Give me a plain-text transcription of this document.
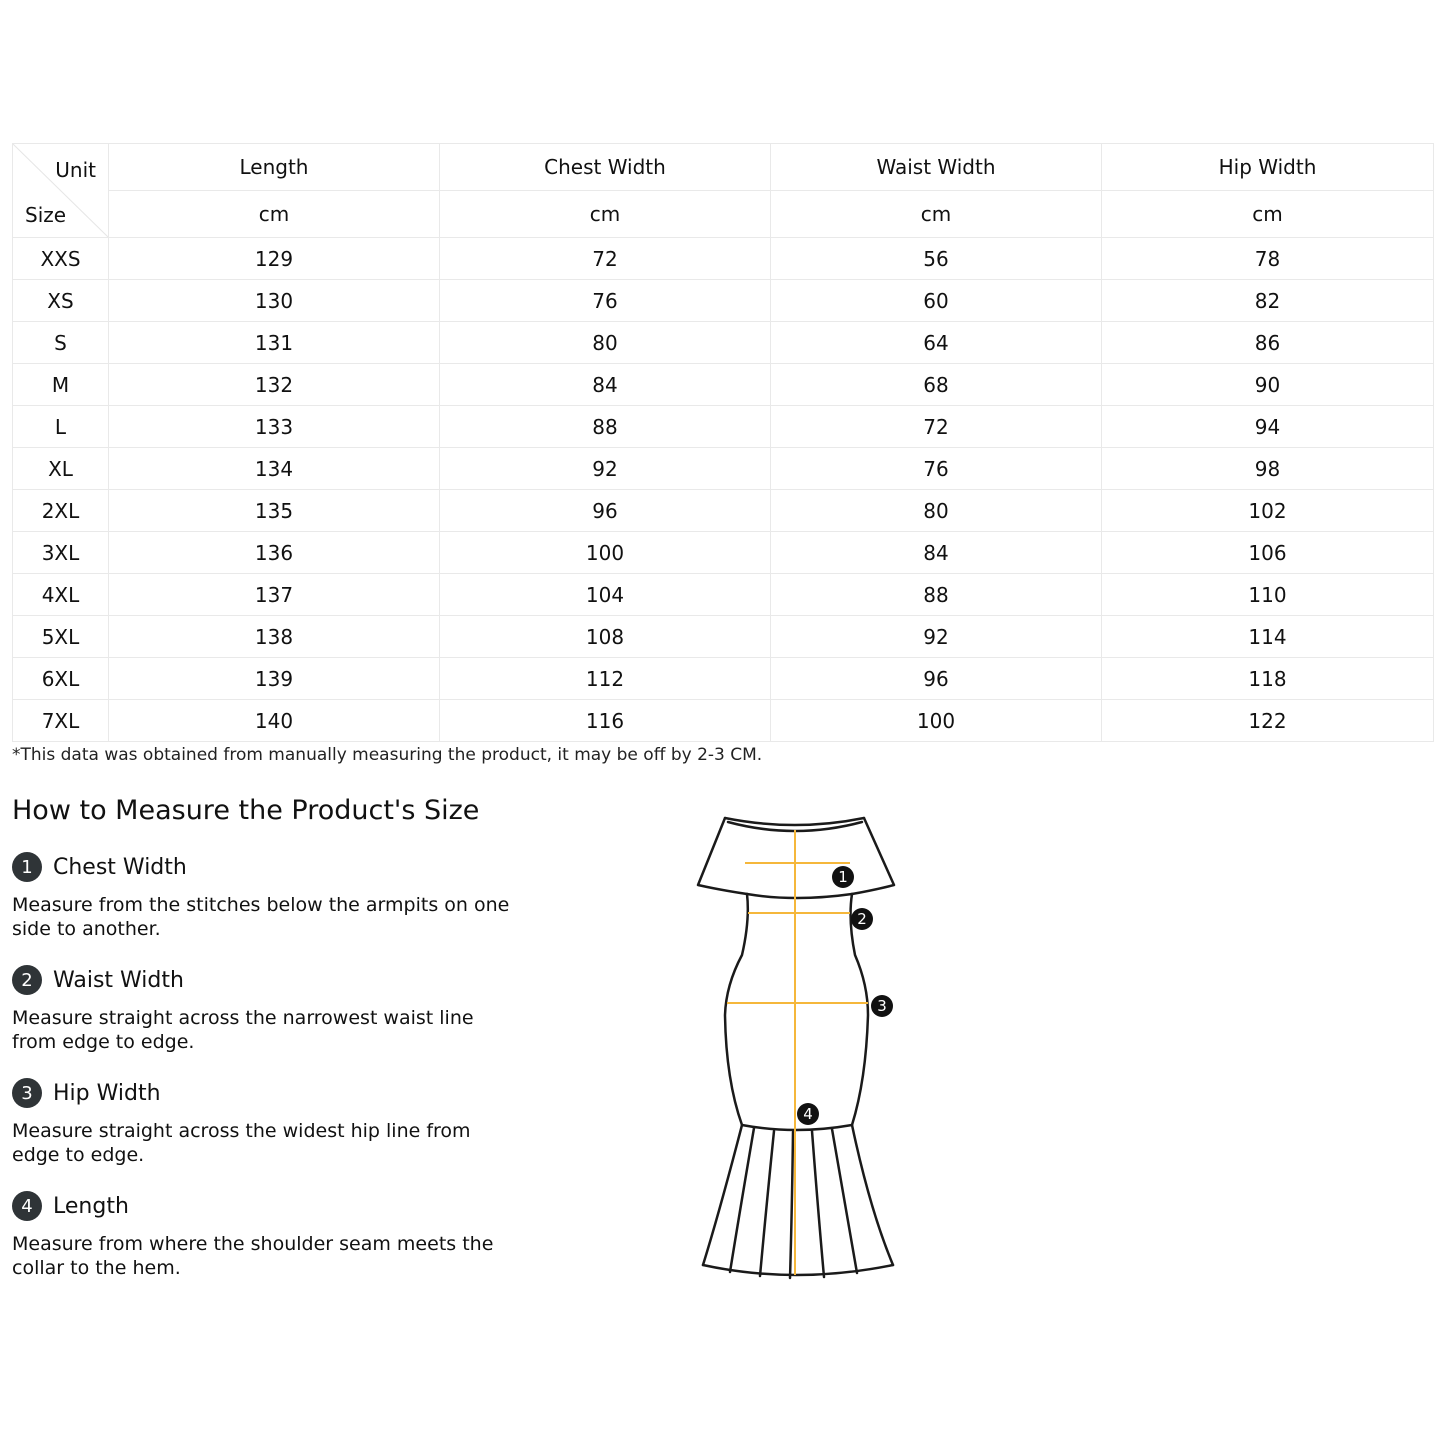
Unit
Size	Length	Chest Width	Waist Width	Hip Width
	cm	cm	cm	cm
XXS	129	72	56	78
XS	130	76	60	82
S	131	80	64	86
M	132	84	68	90
L	133	88	72	94
XL	134	92	76	98
2XL	135	96	80	102
3XL	136	100	84	106
4XL	137	104	88	110
5XL	138	108	92	114
6XL	139	112	96	118
7XL	140	116	100	122
*This data was obtained from manually measuring the product, it may be off by 2-3 CM.
How to Measure the Product's Size
1 Chest Width
Measure from the stitches below the armpits on one side to another.
2 Waist Width
Measure straight across the narrowest waist line from edge to edge.
3 Hip Width
Measure straight across the widest hip line from edge to edge.
4 Length
Measure from where the shoulder seam meets the collar to the hem.
1
2
3
4
